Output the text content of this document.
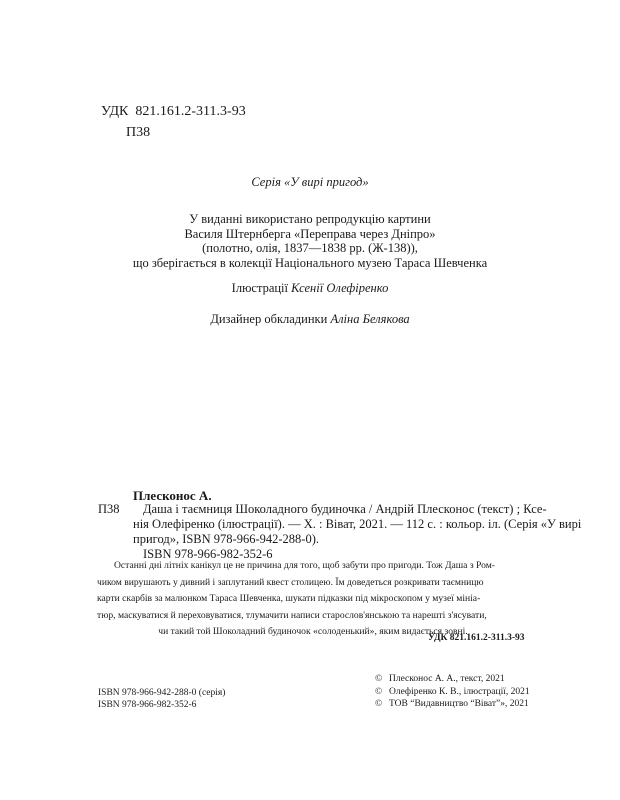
УДК 821.161.2-311.3-93
П38
Серія «У вирі пригод»
У виданні використано репродукцію картини
Василя Штернберга «Переправа через Дніпро»
(полотно, олія, 1837—1838 рр. (Ж-138)),
що зберігається в колекції Національного музею Тараса Шевченка
Ілюстрації Ксенії Олефіренко
Дизайнер обкладинки Аліна Белякова
Плесконос А.
П38	Даша і таємниця Шоколадного будиночка / Андрій Плесконос (текст) ; Ксе-
нія Олефіренко (ілюстрації). — Х. : Віват, 2021. — 112 с. : кольор. іл. (Серія «У вирі
пригод», ISBN 978-966-942-288-0).
ISBN 978-966-982-352-6
Останні дні літніх канікул це не причина для того, щоб забути про пригоди. Тож Даша з Ром-
чиком вирушають у дивний і заплутаний квест столицею. Їм доведеться розкривати таємницю
карти скарбів за малюнком Тараса Шевченка, шукати підказки під мікроскопом у музеї мініа-
тюр, маскуватися й переховуватися, тлумачити написи старослов'янською та нарешті з'ясувати,
чи такий той Шоколадний будиночок «солоденький», яким видається зовні.
УДК 821.161.2-311.3-93
ISBN 978-966-942-288-0 (серія)
ISBN 978-966-982-352-6
© Плесконос А. А., текст, 2021
© Олефіренко К. В., ілюстрації, 2021
© ТОВ “Видавництво “Віват”», 2021
